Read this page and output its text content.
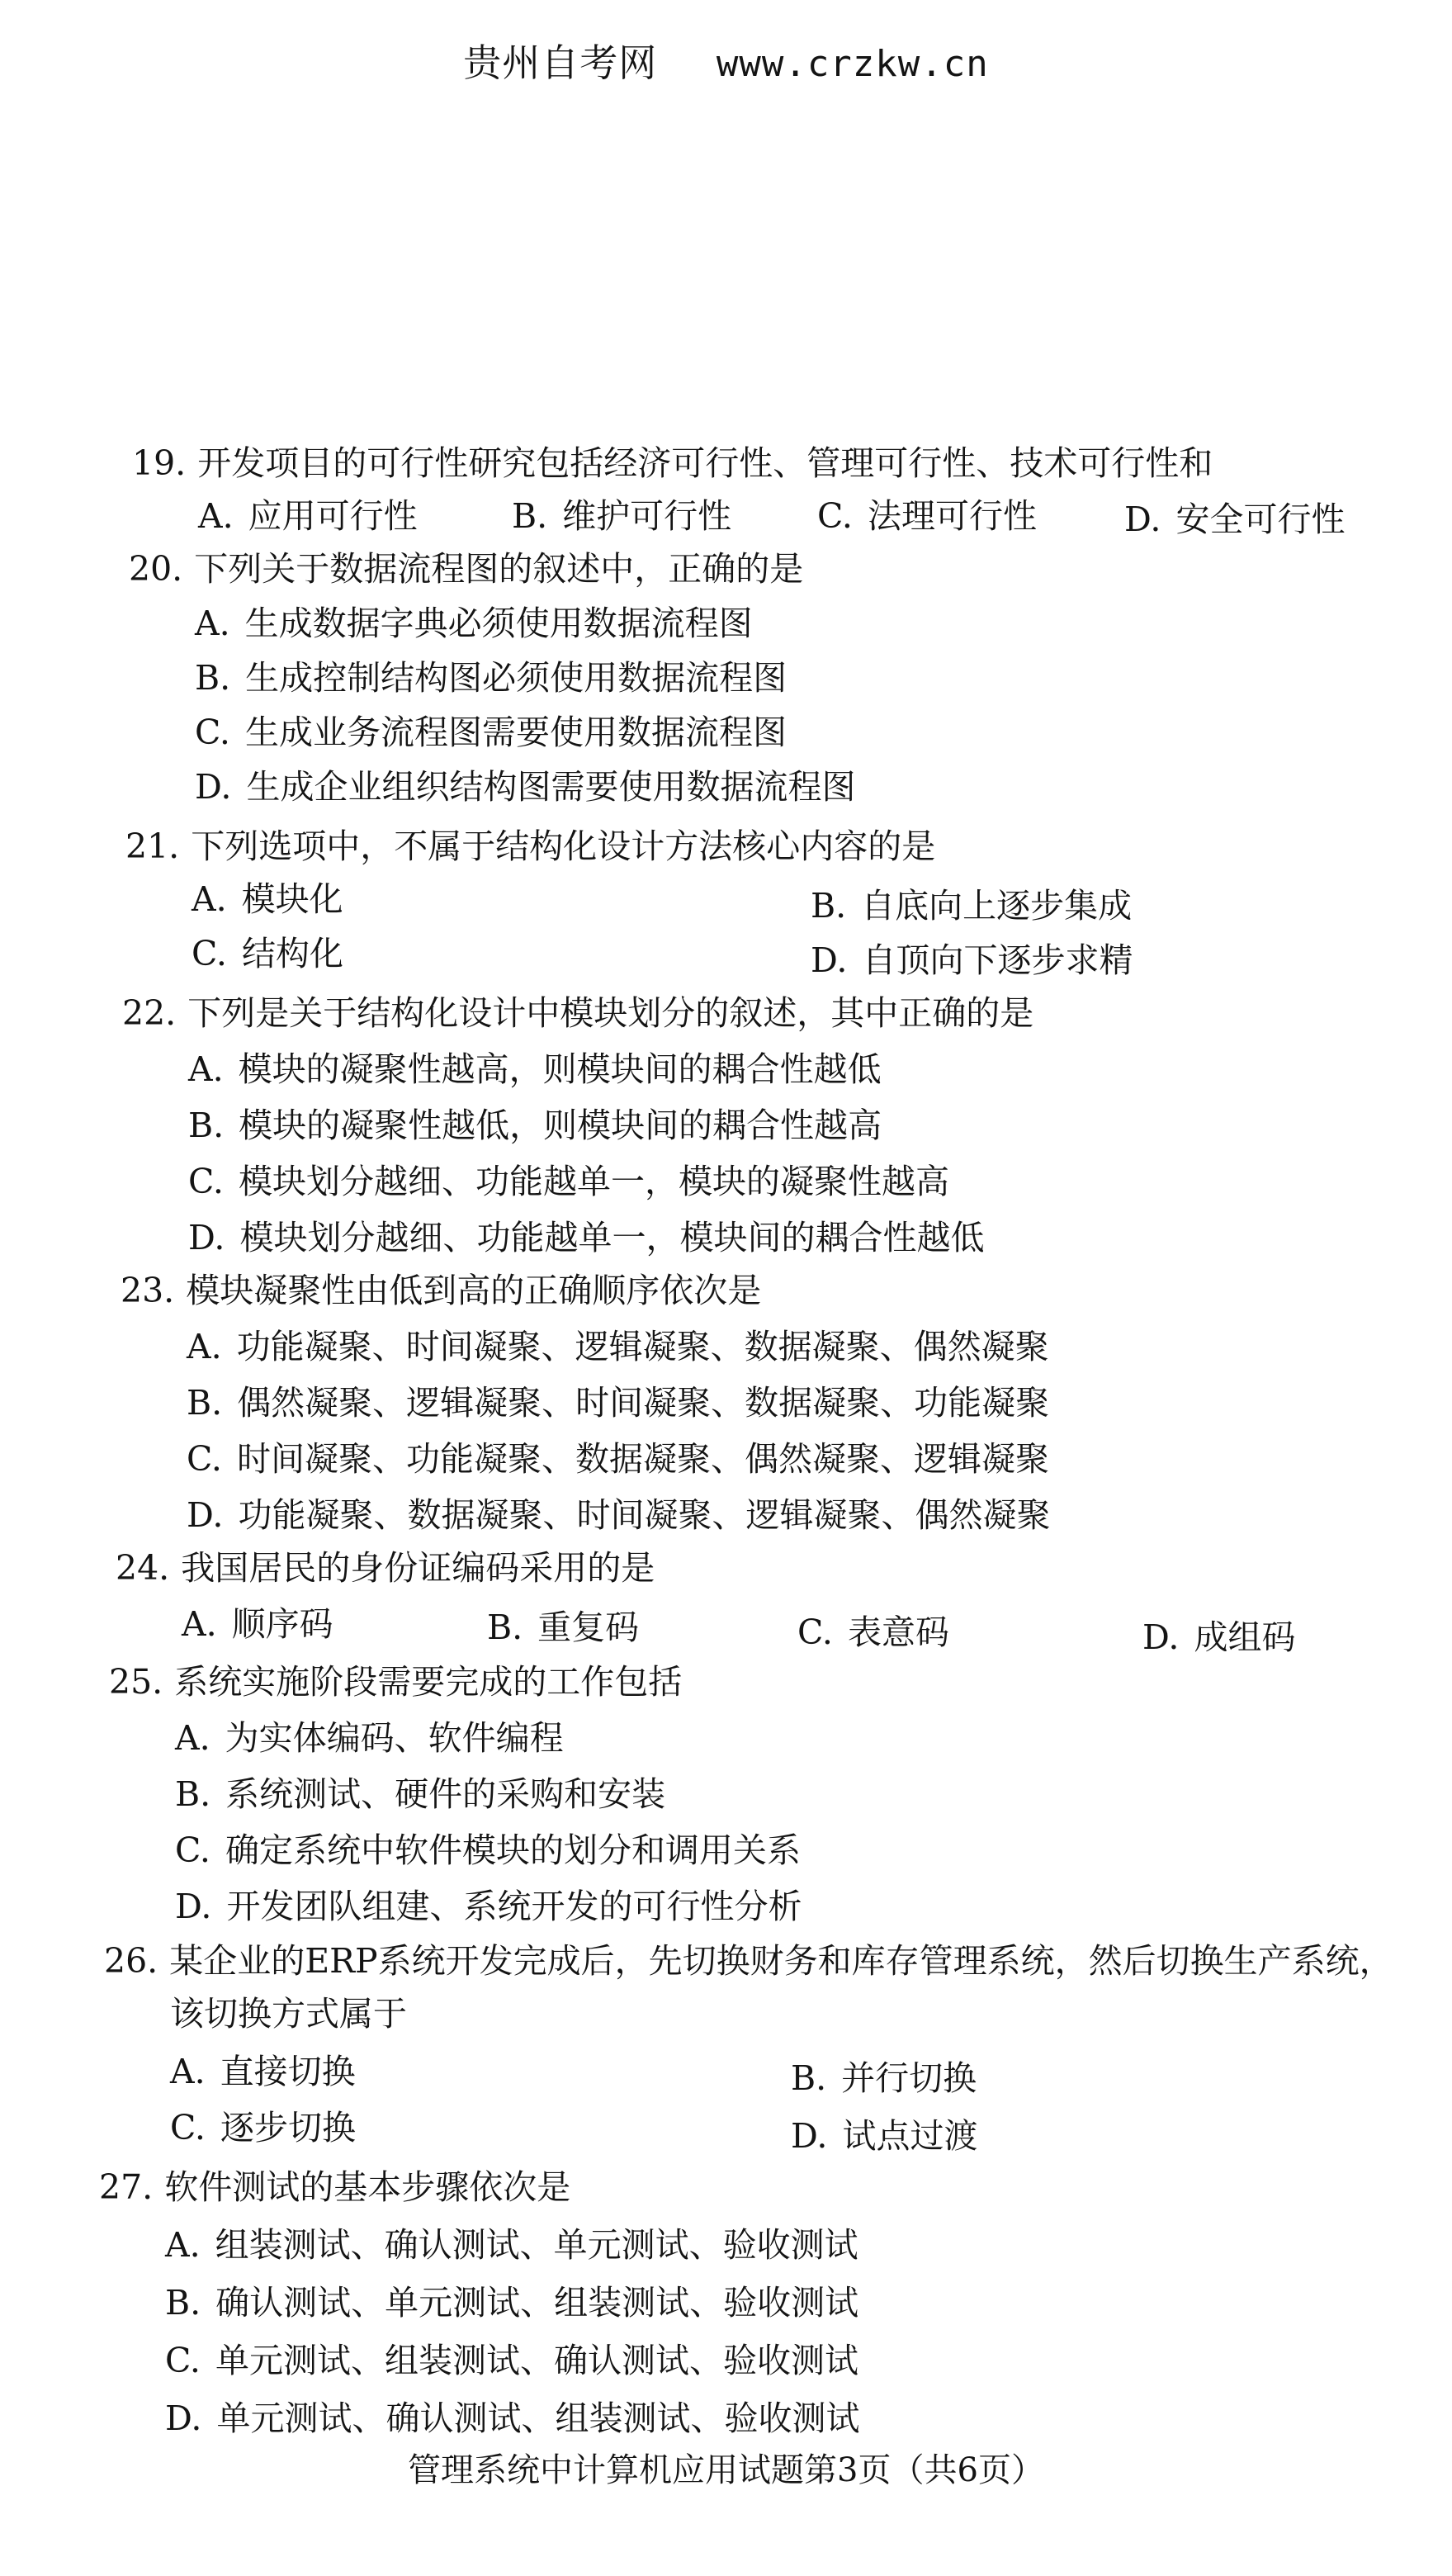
贵州自考网 www.crzkw.cn
19. 开发项目的可行性研究包括经济可行性、管理可行性、技术可行性和
A. 应用可行性	B. 维护可行性	C. 法理可行性	D. 安全可行性
20. 下列关于数据流程图的叙述中，正确的是
A. 生成数据字典必须使用数据流程图
B. 生成控制结构图必须使用数据流程图
C. 生成业务流程图需要使用数据流程图
D. 生成企业组织结构图需要使用数据流程图
21. 下列选项中，不属于结构化设计方法核心内容的是
A. 模块化	B. 自底向上逐步集成
C. 结构化	D. 自顶向下逐步求精
22. 下列是关于结构化设计中模块划分的叙述，其中正确的是
A. 模块的凝聚性越高，则模块间的耦合性越低
B. 模块的凝聚性越低，则模块间的耦合性越高
C. 模块划分越细、功能越单一，模块的凝聚性越高
D. 模块划分越细、功能越单一，模块间的耦合性越低
23. 模块凝聚性由低到高的正确顺序依次是
A. 功能凝聚、时间凝聚、逻辑凝聚、数据凝聚、偶然凝聚
B. 偶然凝聚、逻辑凝聚、时间凝聚、数据凝聚、功能凝聚
C. 时间凝聚、功能凝聚、数据凝聚、偶然凝聚、逻辑凝聚
D. 功能凝聚、数据凝聚、时间凝聚、逻辑凝聚、偶然凝聚
24. 我国居民的身份证编码采用的是
A. 顺序码	B. 重复码	C. 表意码	D. 成组码
25. 系统实施阶段需要完成的工作包括
A. 为实体编码、软件编程
B. 系统测试、硬件的采购和安装
C. 确定系统中软件模块的划分和调用关系
D. 开发团队组建、系统开发的可行性分析
26. 某企业的ERP系统开发完成后，先切换财务和库存管理系统，然后切换生产系统，
该切换方式属于
A. 直接切换	B. 并行切换
C. 逐步切换	D. 试点过渡
27. 软件测试的基本步骤依次是
A. 组装测试、确认测试、单元测试、验收测试
B. 确认测试、单元测试、组装测试、验收测试
C. 单元测试、组装测试、确认测试、验收测试
D. 单元测试、确认测试、组装测试、验收测试
管理系统中计算机应用试题第3页（共6页）
